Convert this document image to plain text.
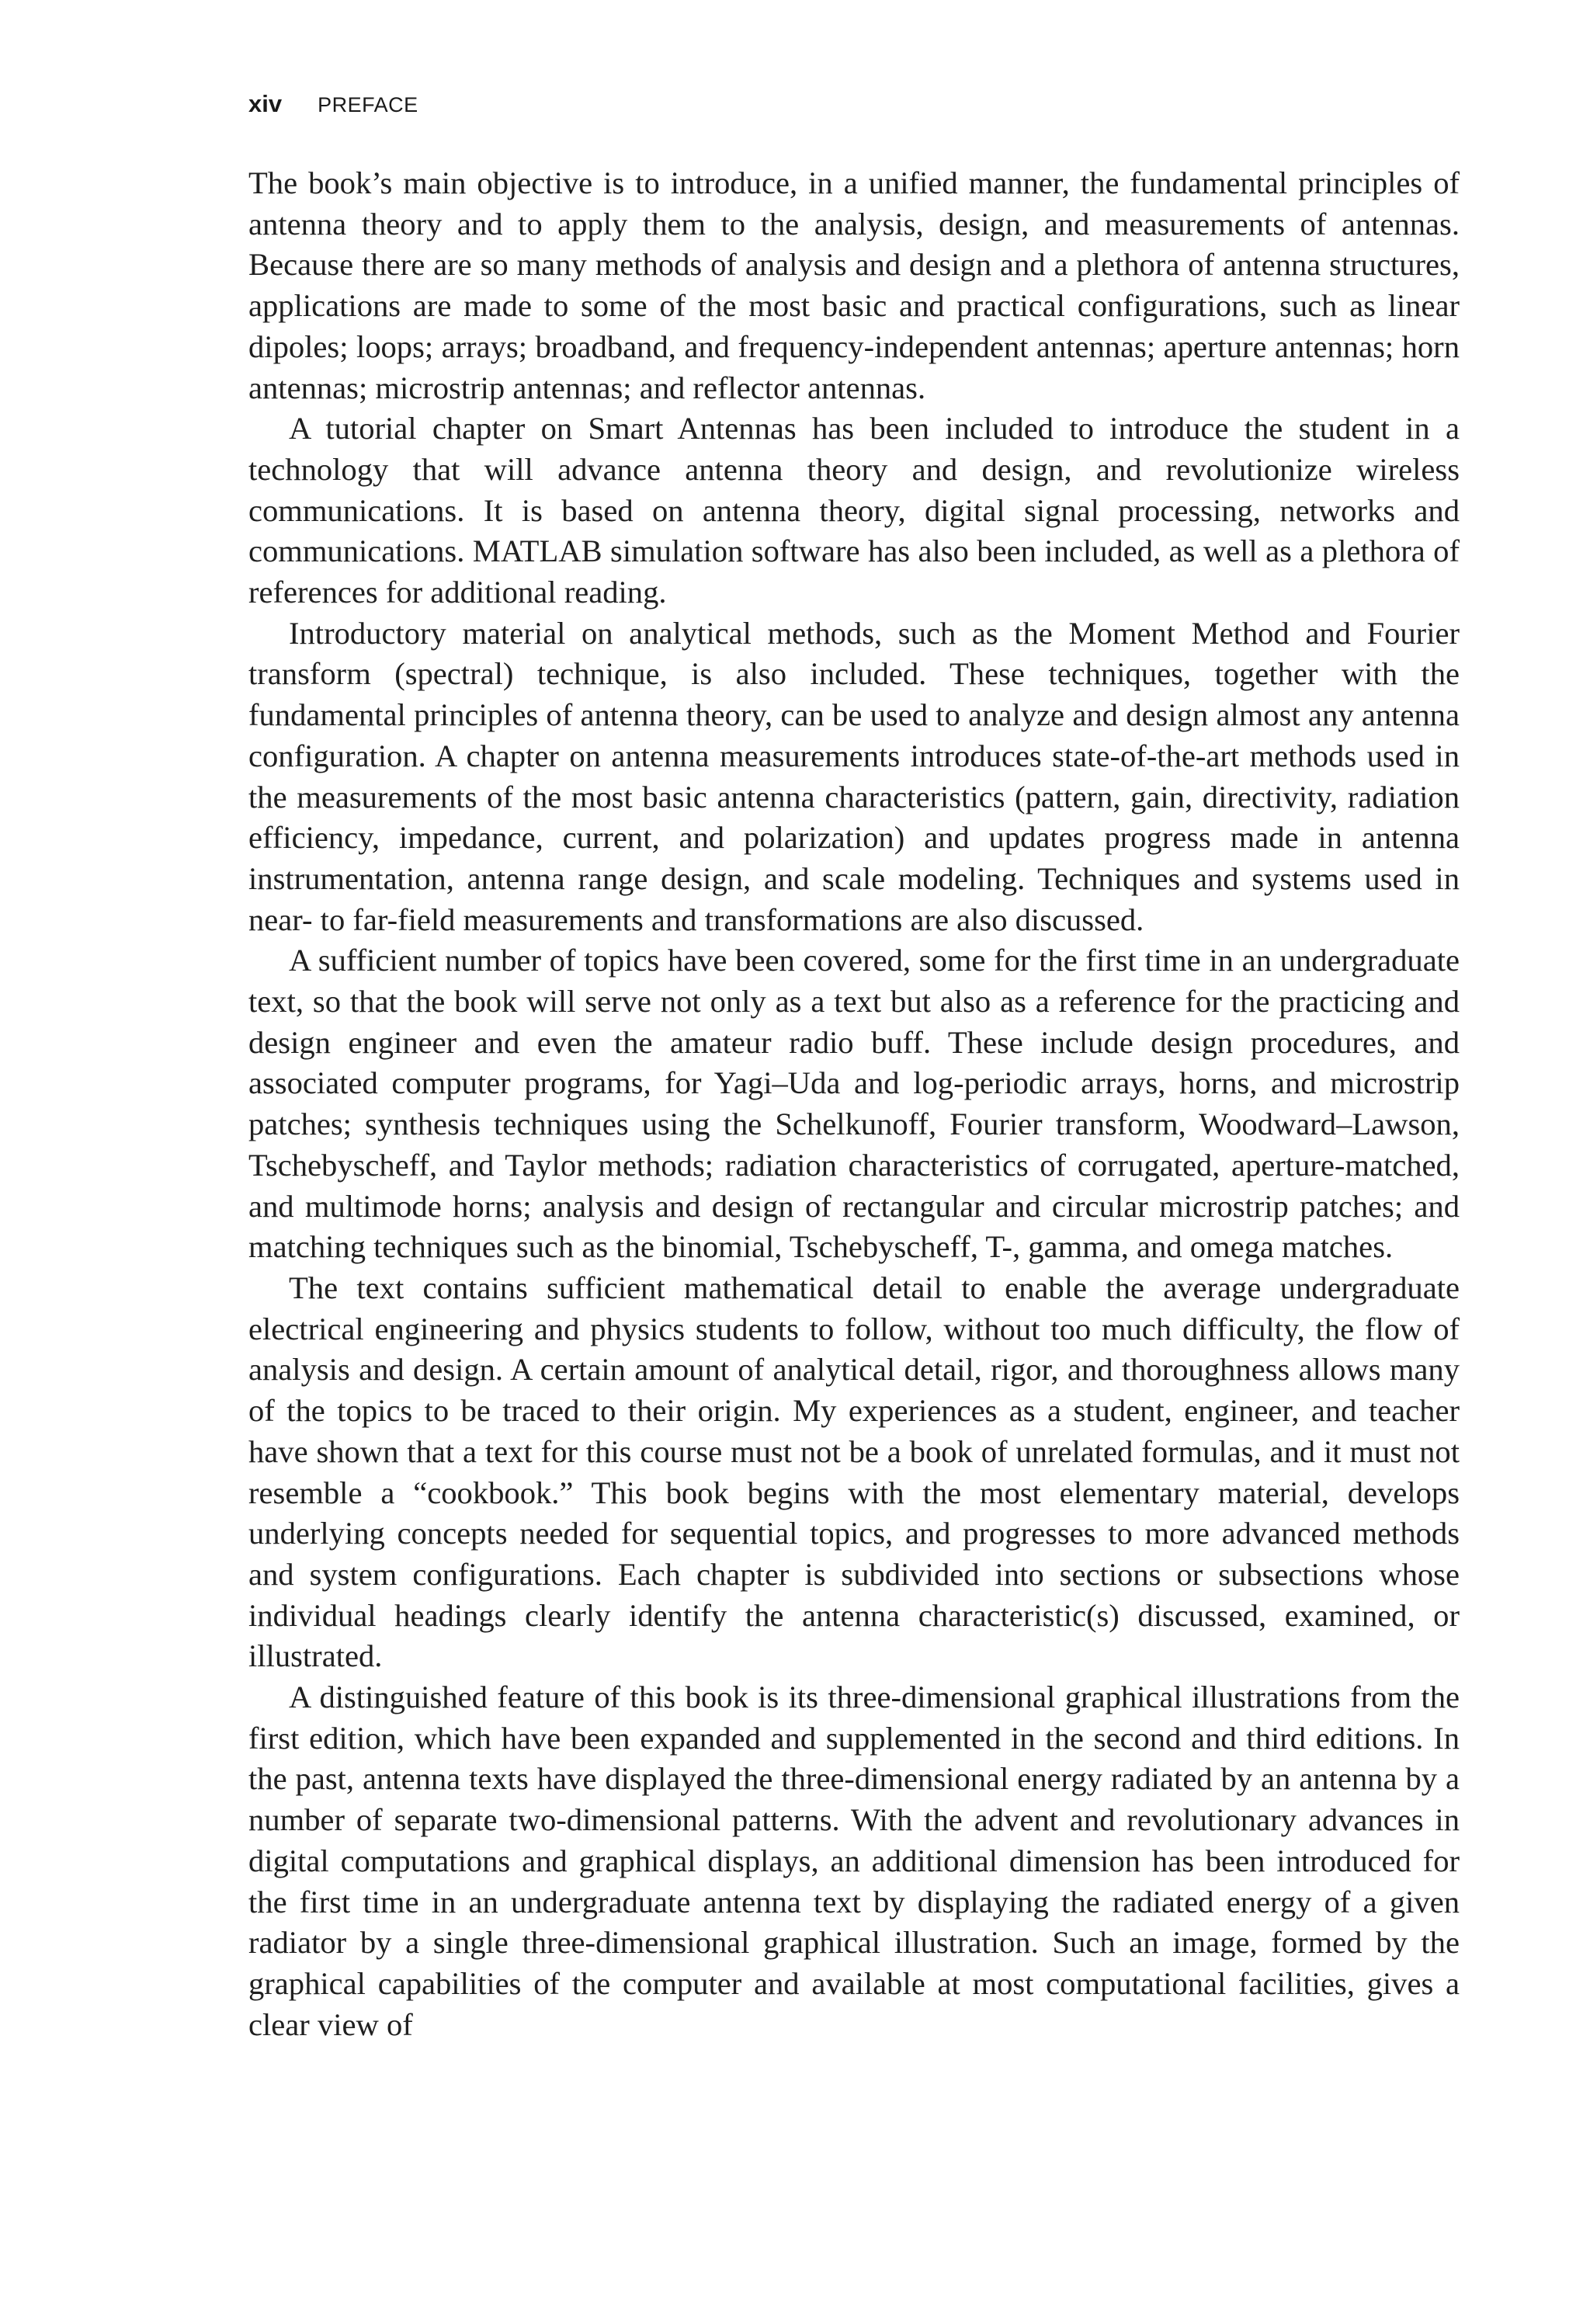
xiv PREFACE

The book’s main objective is to introduce, in a unified manner, the fundamental principles of antenna theory and to apply them to the analysis, design, and measurements of antennas. Because there are so many methods of analysis and design and a plethora of antenna structures, applications are made to some of the most basic and practical configurations, such as linear dipoles; loops; arrays; broadband, and frequency-independent antennas; aperture antennas; horn antennas; microstrip antennas; and reflector antennas.

A tutorial chapter on Smart Antennas has been included to introduce the student in a technology that will advance antenna theory and design, and revolutionize wireless communications. It is based on antenna theory, digital signal processing, networks and communications. MATLAB simulation software has also been included, as well as a plethora of references for additional reading.

Introductory material on analytical methods, such as the Moment Method and Fourier transform (spectral) technique, is also included. These techniques, together with the fundamental principles of antenna theory, can be used to analyze and design almost any antenna configuration. A chapter on antenna measurements introduces state-of-the-art methods used in the measurements of the most basic antenna characteristics (pattern, gain, directivity, radiation efficiency, impedance, current, and polarization) and updates progress made in antenna instrumentation, antenna range design, and scale modeling. Techniques and systems used in near- to far-field measurements and transformations are also discussed.

A sufficient number of topics have been covered, some for the first time in an undergraduate text, so that the book will serve not only as a text but also as a reference for the practicing and design engineer and even the amateur radio buff. These include design procedures, and associated computer programs, for Yagi–Uda and log-periodic arrays, horns, and microstrip patches; synthesis techniques using the Schelkunoff, Fourier transform, Woodward–Lawson, Tschebyscheff, and Taylor methods; radiation characteristics of corrugated, aperture-matched, and multimode horns; analysis and design of rectangular and circular microstrip patches; and matching techniques such as the binomial, Tschebyscheff, T-, gamma, and omega matches.

The text contains sufficient mathematical detail to enable the average undergraduate electrical engineering and physics students to follow, without too much difficulty, the flow of analysis and design. A certain amount of analytical detail, rigor, and thoroughness allows many of the topics to be traced to their origin. My experiences as a student, engineer, and teacher have shown that a text for this course must not be a book of unrelated formulas, and it must not resemble a “cookbook.” This book begins with the most elementary material, develops underlying concepts needed for sequential topics, and progresses to more advanced methods and system configurations. Each chapter is subdivided into sections or subsections whose individual headings clearly identify the antenna characteristic(s) discussed, examined, or illustrated.

A distinguished feature of this book is its three-dimensional graphical illustrations from the first edition, which have been expanded and supplemented in the second and third editions. In the past, antenna texts have displayed the three-dimensional energy radiated by an antenna by a number of separate two-dimensional patterns. With the advent and revolutionary advances in digital computations and graphical displays, an additional dimension has been introduced for the first time in an undergraduate antenna text by displaying the radiated energy of a given radiator by a single three-dimensional graphical illustration. Such an image, formed by the graphical capabilities of the computer and available at most computational facilities, gives a clear view of
